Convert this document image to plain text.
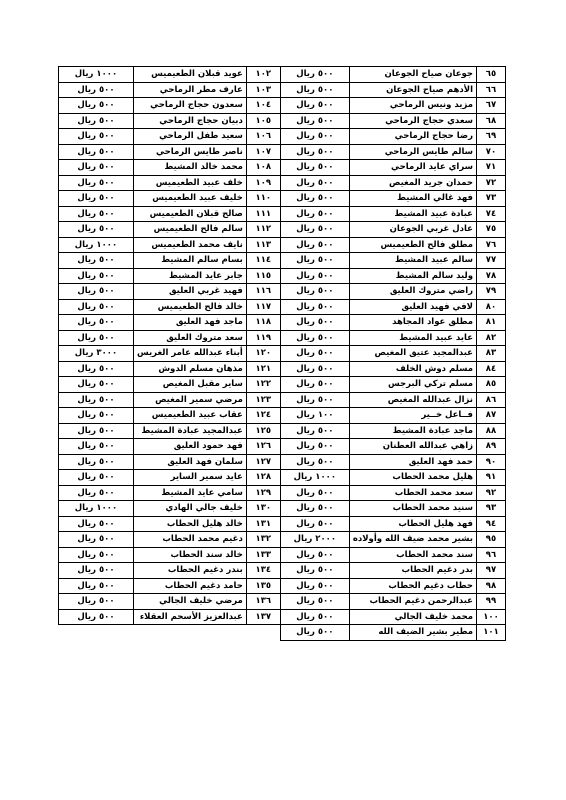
٦٥	جوعان صياح الجوعان	٥٠٠ ريال	١٠٢	عويد قبلان الطعيميس	١٠٠٠ ريال
٦٦	الأدهم صياح الجوعان	٥٠٠ ريال	١٠٣	عارف مطر الرماحي	٥٠٠ ريال
٦٧	مزيد ونيس الرماحي	٥٠٠ ريال	١٠٤	سعدون حجاج الرماحي	٥٠٠ ريال
٦٨	سعدي حجاج الرماحي	٥٠٠ ريال	١٠٥	دبيان حجاج الرماحي	٥٠٠ ريال
٦٩	رضا حجاج الرماحي	٥٠٠ ريال	١٠٦	سعيد طفل الرماحي	٥٠٠ ريال
٧٠	سالم طايس الرماحي	٥٠٠ ريال	١٠٧	ناصر طايس الرماحي	٥٠٠ ريال
٧١	سراي عايد الرماحي	٥٠٠ ريال	١٠٨	محمد خالد المشيط	٥٠٠ ريال
٧٢	حمدان جريد المغيص	٥٠٠ ريال	١٠٩	خلف عبيد الطعيميس	٥٠٠ ريال
٧٣	فهد غالي المشيط	٥٠٠ ريال	١١٠	خليف عبيد الطعيميس	٥٠٠ ريال
٧٤	عبادة عبيد المشيط	٥٠٠ ريال	١١١	صالح قبلان الطعيميس	٥٠٠ ريال
٧٥	عادل غربي الجوعان	٥٠٠ ريال	١١٢	سالم فالح الطعيميس	٥٠٠ ريال
٧٦	مطلق فالح الطعيميس	٥٠٠ ريال	١١٣	نايف محمد الطعيميس	١٠٠٠ ريال
٧٧	سالم عبيد المشيط	٥٠٠ ريال	١١٤	بسام سالم المشيط	٥٠٠ ريال
٧٨	وليد سالم المشيط	٥٠٠ ريال	١١٥	جابر عايد المشيط	٥٠٠ ريال
٧٩	راضي متروك العليق	٥٠٠ ريال	١١٦	فهيد غربي العليق	٥٠٠ ريال
٨٠	لافي فهيد العليق	٥٠٠ ريال	١١٧	خالد فالح الطعيميس	٥٠٠ ريال
٨١	مطلق عواد المجاهد	٥٠٠ ريال	١١٨	ماجد فهد العليق	٥٠٠ ريال
٨٢	عايد عبيد المشيط	٥٠٠ ريال	١١٩	سعد متروك العليق	٥٠٠ ريال
٨٣	عبدالمجيد عتيق المغيص	٥٠٠ ريال	١٢٠	أبناء عبدالله عامر الغريس	٣٠٠٠ ريال
٨٤	مسلم دوش الخلف	٥٠٠ ريال	١٢١	مذهان مسلم الدوش	٥٠٠ ريال
٨٥	مسلم تركي البرجس	٥٠٠ ريال	١٢٢	ساير مقبل المغيص	٥٠٠ ريال
٨٦	نزال عبدالله المغيص	٥٠٠ ريال	١٢٣	مرضي سمير المغيص	٥٠٠ ريال
٨٧	فــاعل خــير	١٠٠ ريال	١٢٤	عقاب عبيد الطعيميس	٥٠٠ ريال
٨٨	ماجد عبادة المشيط	٥٠٠ ريال	١٢٥	عبدالمجيد عبادة المشيط	٥٠٠ ريال
٨٩	زاهي عبدالله العطنان	٥٠٠ ريال	١٢٦	فهد حمود العليق	٥٠٠ ريال
٩٠	حمد فهد العليق	٥٠٠ ريال	١٢٧	سلمان فهد العليق	٥٠٠ ريال
٩١	هليل محمد الحطاب	١٠٠٠ ريال	١٢٨	عايد سمير الساير	٥٠٠ ريال
٩٢	سعد محمد الحطاب	٥٠٠ ريال	١٢٩	سامي عايد المشيط	٥٠٠ ريال
٩٣	سنيد محمد الحطاب	٥٠٠ ريال	١٣٠	خليف جالي الهادي	١٠٠٠ ريال
٩٤	فهد هليل الحطاب	٥٠٠ ريال	١٣١	خالد هليل الحطاب	٥٠٠ ريال
٩٥	بشير محمد ضيف الله وأولاده	٢٠٠٠ ريال	١٣٢	دغيم محمد الحطاب	٥٠٠ ريال
٩٦	سند محمد الحطاب	٥٠٠ ريال	١٣٣	خالد سند الحطاب	٥٠٠ ريال
٩٧	بدر دغيم الحطاب	٥٠٠ ريال	١٣٤	بندر دغيم الحطاب	٥٠٠ ريال
٩٨	حطاب دغيم الحطاب	٥٠٠ ريال	١٣٥	حامد دغيم الحطاب	٥٠٠ ريال
٩٩	عبدالرحمن دغيم الحطاب	٥٠٠ ريال	١٣٦	مرضي خليف الجالي	٥٠٠ ريال
١٠٠	محمد خليف الجالي	٥٠٠ ريال	١٣٧	عبدالعزيز الأسحم العقلاء	٥٠٠ ريال
١٠١	مطير بشير الضيف الله	٥٠٠ ريال			
